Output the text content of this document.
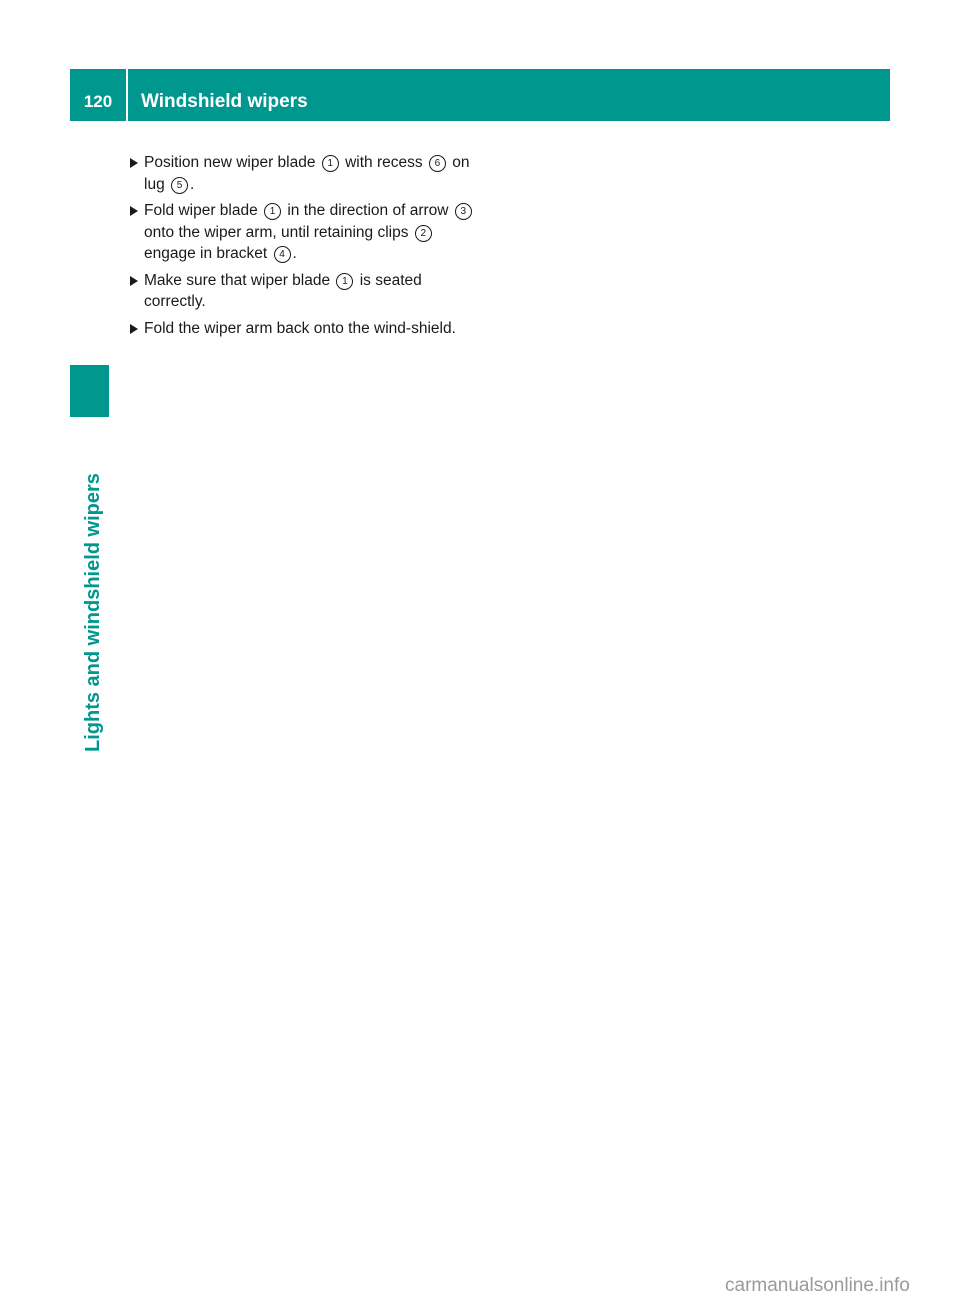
120	Windshield wipers
Lights and windshield wipers
Position new wiper blade 1 with recess 6 on lug 5 .
Fold wiper blade 1 in the direction of arrow 3 onto the wiper arm, until retaining clips 2 engage in bracket 4 .
Make sure that wiper blade 1 is seated correctly.
Fold the wiper arm back onto the wind-shield.
carmanualsonline.info
